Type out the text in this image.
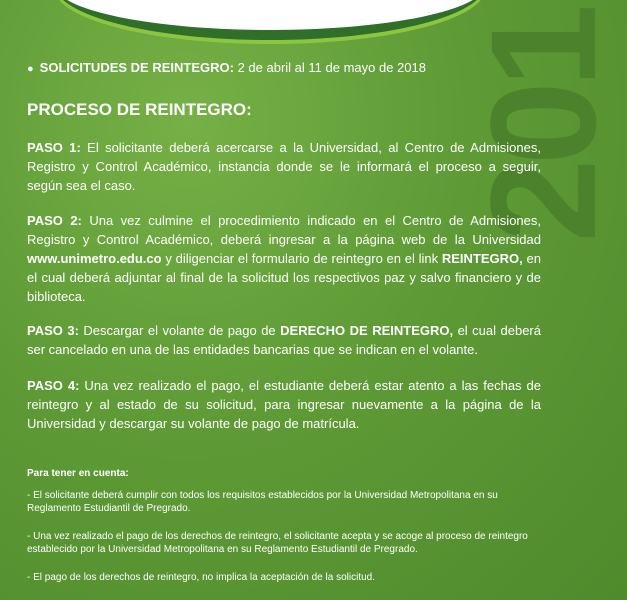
201
● SOLICITUDES DE REINTEGRO: 2 de abril al 11 de mayo de 2018
PROCESO DE REINTEGRO:
PASO 1: El solicitante deberá acercarse a la Universidad, al Centro de Admisiones, Registro y Control Académico, instancia donde se le informará el proceso a seguir, según sea el caso.
PASO 2: Una vez culmine el procedimiento indicado en el Centro de Admisiones, Registro y Control Académico, deberá ingresar a la página web de la Universidad www.unimetro.edu.co y diligenciar el formulario de reintegro en el link REINTEGRO, en el cual deberá adjuntar al final de la solicitud los respectivos paz y salvo financiero y de biblioteca.
PASO 3: Descargar el volante de pago de DERECHO DE REINTEGRO, el cual deberá ser cancelado en una de las entidades bancarias que se indican en el volante.
PASO 4: Una vez realizado el pago, el estudiante deberá estar atento a las fechas de reintegro y al estado de su solicitud, para ingresar nuevamente a la página de la Universidad y descargar su volante de pago de matrícula.
Para tener en cuenta:
- El solicitante deberá cumplir con todos los requisitos establecidos por la Universidad Metropolitana en su Reglamento Estudiantil de Pregrado.
- Una vez realizado el pago de los derechos de reintegro, el solicitante acepta y se acoge al proceso de reintegro establecido por la Universidad Metropolitana en su Reglamento Estudiantil de Pregrado.
- El pago de los derechos de reintegro, no implica la aceptación de la solicitud.
